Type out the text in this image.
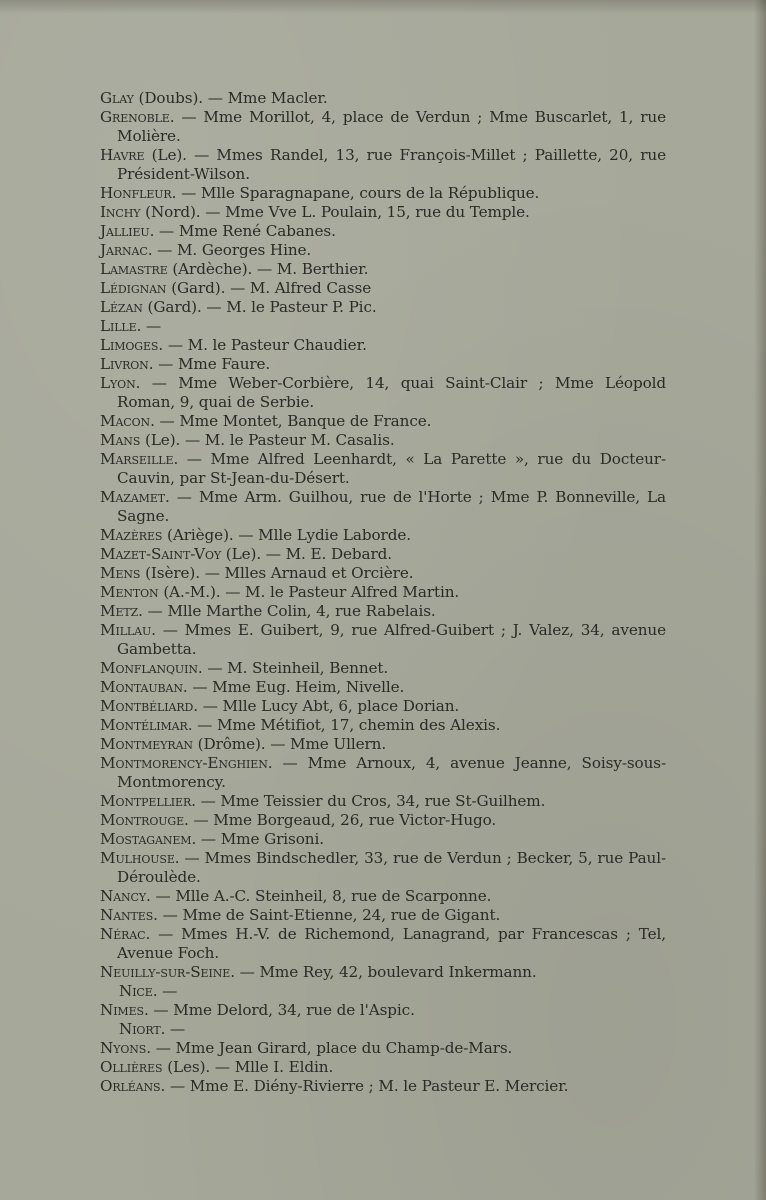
Glay (Doubs). — Mme Macler.

Grenoble. — Mme Morillot, 4, place de Verdun ; Mme Buscarlet, 1, rue Molière.

Havre (Le). — Mmes Randel, 13, rue François-Millet ; Paillette, 20, rue Président-Wilson.

Honfleur. — Mlle Sparagnapane, cours de la République.

Inchy (Nord). — Mme Vve L. Poulain, 15, rue du Temple.

Jallieu. — Mme René Cabanes.

Jarnac. — M. Georges Hine.

Lamastre (Ardèche). — M. Berthier.

Lédignan (Gard). — M. Alfred Casse

Lézan (Gard). — M. le Pasteur P. Pic.

Lille. —

Limoges. — M. le Pasteur Chaudier.

Livron. — Mme Faure.

Lyon. — Mme Weber-Corbière, 14, quai Saint-Clair ; Mme Léopold Roman, 9, quai de Serbie.

Macon. — Mme Montet, Banque de France.

Mans (Le). — M. le Pasteur M. Casalis.

Marseille. — Mme Alfred Leenhardt, « La Parette », rue du Docteur-Cauvin, par St-Jean-du-Désert.

Mazamet. — Mme Arm. Guilhou, rue de l'Horte ; Mme P. Bonneville, La Sagne.

Mazères (Ariège). — Mlle Lydie Laborde.

Mazet-Saint-Voy (Le). — M. E. Debard.

Mens (Isère). — Mlles Arnaud et Orcière.

Menton (A.-M.). — M. le Pasteur Alfred Martin.

Metz. — Mlle Marthe Colin, 4, rue Rabelais.

Millau. — Mmes E. Guibert, 9, rue Alfred-Guibert ; J. Valez, 34, avenue Gambetta.

Monflanquin. — M. Steinheil, Bennet.

Montauban. — Mme Eug. Heim, Nivelle.

Montbéliard. — Mlle Lucy Abt, 6, place Dorian.

Montélimar. — Mme Métifiot, 17, chemin des Alexis.

Montmeyran (Drôme). — Mme Ullern.

Montmorency-Enghien. — Mme Arnoux, 4, avenue Jeanne, Soisy-sous-Montmorency.

Montpellier. — Mme Teissier du Cros, 34, rue St-Guilhem.

Montrouge. — Mme Borgeaud, 26, rue Victor-Hugo.

Mostaganem. — Mme Grisoni.

Mulhouse. — Mmes Bindschedler, 33, rue de Verdun ; Becker, 5, rue Paul-Déroulède.

Nancy. — Mlle A.-C. Steinheil, 8, rue de Scarponne.

Nantes. — Mme de Saint-Etienne, 24, rue de Gigant.

Nérac. — Mmes H.-V. de Richemond, Lanagrand, par Francescas ; Tel, Avenue Foch.

Neuilly-sur-Seine. — Mme Rey, 42, boulevard Inkermann.

Nice. —

Nimes. — Mme Delord, 34, rue de l'Aspic.

Niort. —

Nyons. — Mme Jean Girard, place du Champ-de-Mars.

Ollières (Les). — Mlle I. Eldin.

Orléans. — Mme E. Diény-Rivierre ; M. le Pasteur E. Mercier.
